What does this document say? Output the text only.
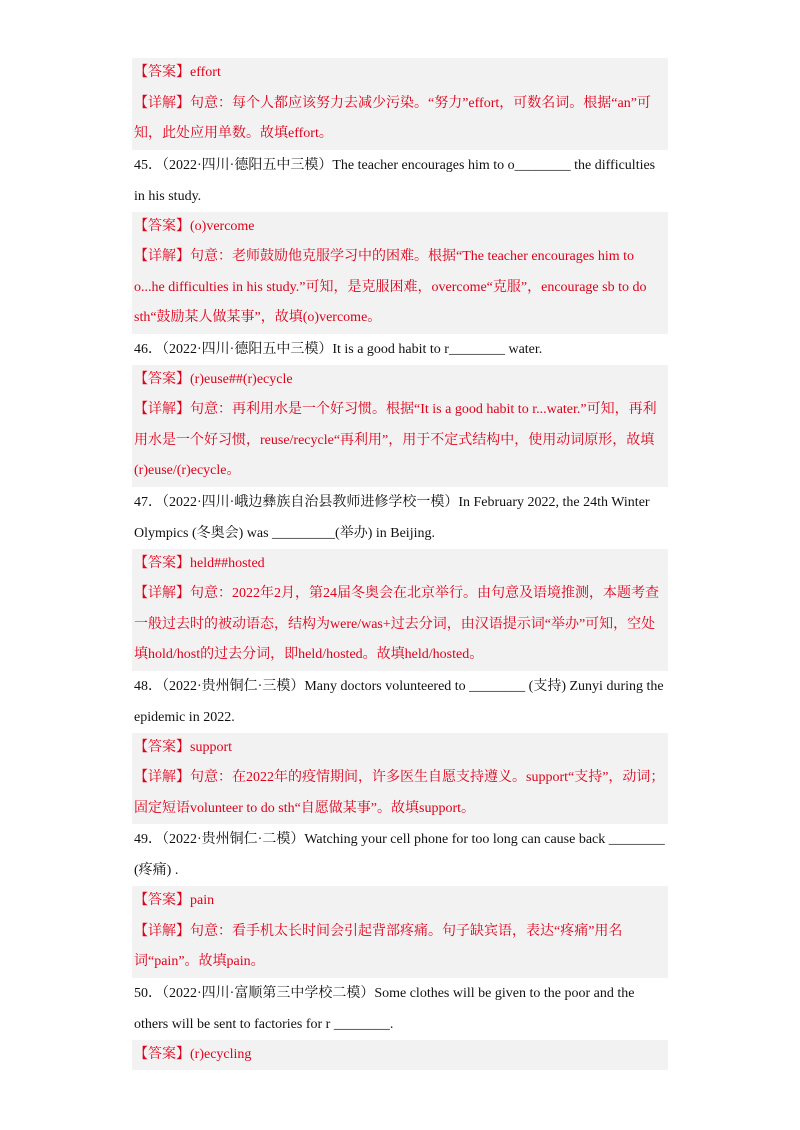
【答案】effort
【详解】句意：每个人都应该努力去减少污染。“努力”effort，可数名词。根据“an”可知，此处应用单数。故填effort。
45．（2022·四川·德阳五中三模）The teacher encourages him to o________ the difficulties in his study.
【答案】(o)vercome
【详解】句意：老师鼓励他克服学习中的困难。根据“The teacher encourages him to o...he difficulties in his study.”可知，是克服困难，overcome“克服”，encourage sb to do sth“鼓励某人做某事”，故填(o)vercome。
46．（2022·四川·德阳五中三模）It is a good habit to r________ water.
【答案】(r)euse##(r)ecycle
【详解】句意：再利用水是一个好习惯。根据“It is a good habit to r...water.”可知，再利用水是一个好习惯，reuse/recycle“再利用”，用于不定式结构中，使用动词原形，故填(r)euse/(r)ecycle。
47．（2022·四川·峨边彝族自治县教师进修学校一模）In February 2022, the 24th Winter Olympics (冬奥会) was _________(举办) in Beijing.
【答案】held##hosted
【详解】句意：2022年2月，第24届冬奥会在北京举行。由句意及语境推测，本题考查一般过去时的被动语态，结构为were/was+过去分词，由汉语提示词“举办”可知，空处填hold/host的过去分词，即held/hosted。故填held/hosted。
48．（2022·贵州铜仁·三模）Many doctors volunteered to ________ (支持) Zunyi during the epidemic in 2022.
【答案】support
【详解】句意：在2022年的疫情期间，许多医生自愿支持遵义。support“支持”，动词；固定短语volunteer to do sth“自愿做某事”。故填support。
49．（2022·贵州铜仁·二模）Watching your cell phone for too long can cause back ________ (疼痛) .
【答案】pain
【详解】句意：看手机太长时间会引起背部疼痛。句子缺宾语，表达“疼痛”用名词“pain”。故填pain。
50．（2022·四川·富顺第三中学校二模）Some clothes will be given to the poor and the others will be sent to factories for r ________.
【答案】(r)ecycling
